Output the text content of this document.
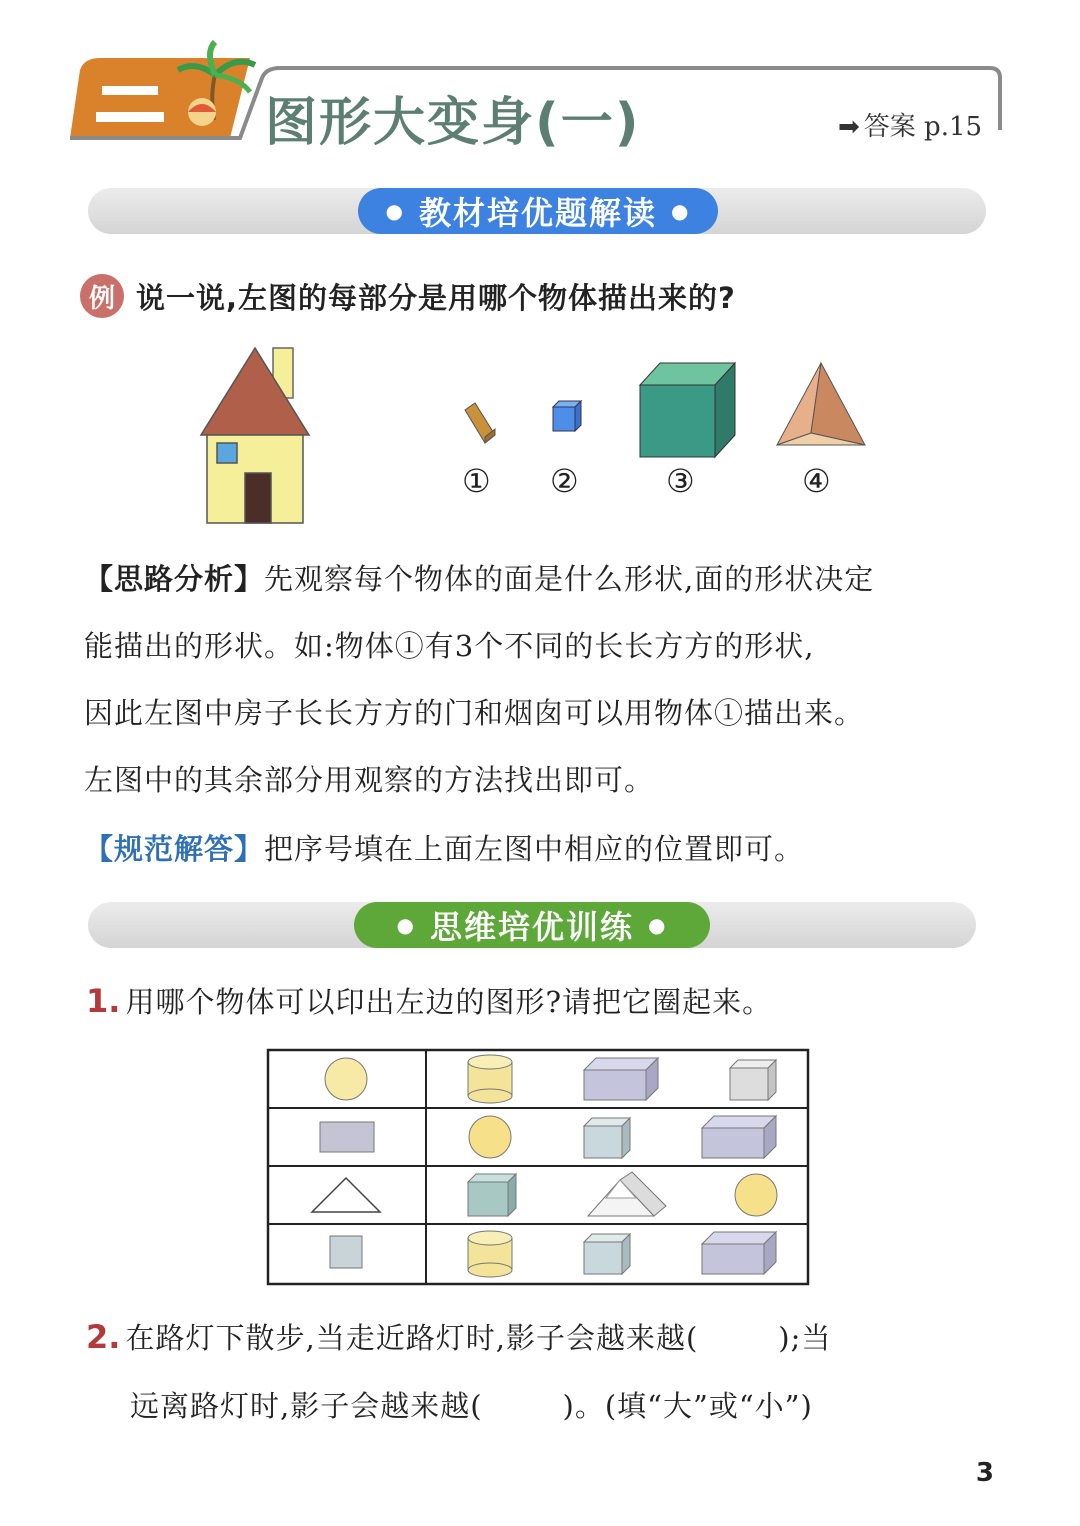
图形大变身(一)	➡ 答案 p.15
● 教材培优题解读 ●
例 说一说,左图的每部分是用哪个物体描出来的?
① ②	③	④
【思路分析】先观察每个物体的面是什么形状,面的形状决定
能描出的形状。如:物体①有3个不同的长长方方的形状,
因此左图中房子长长方方的门和烟囱可以用物体①描出来。
左图中的其余部分用观察的方法找出即可。
【规范解答】把序号填在上面左图中相应的位置即可。
● 思维培优训练 ●
1. 用哪个物体可以印出左边的图形?请把它圈起来。
2. 在路灯下散步,当走近路灯时,影子会越来越(	);当
远离路灯时,影子会越来越(	)。(填“大”或“小”)
3
